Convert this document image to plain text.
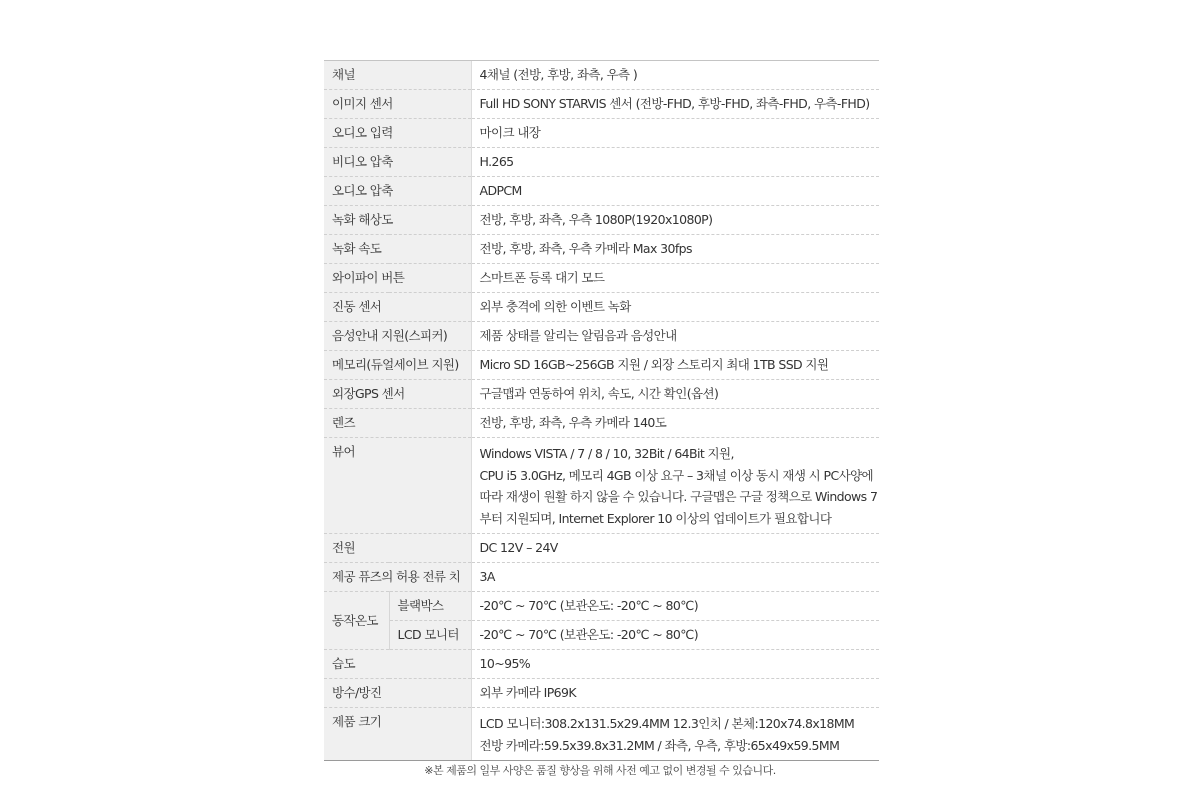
채널		4채널 (전방, 후방, 좌측, 우측 )
이미지 센서		Full HD SONY STARVIS 센서 (전방-FHD, 후방-FHD, 좌측-FHD, 우측-FHD)
오디오 입력		마이크 내장
비디오 압축		H.265
오디오 압축		ADPCM
녹화 해상도		전방, 후방, 좌측, 우측 1080P(1920x1080P)
녹화 속도		전방, 후방, 좌측, 우측 카메라 Max 30fps
와이파이 버튼		스마트폰 등록 대기 모드
진동 센서		외부 충격에 의한 이벤트 녹화
음성안내 지원(스피커)		제품 상태를 알리는 알림음과 음성안내
메모리(듀얼세이브 지원)		Micro SD 16GB~256GB 지원 / 외장 스토리지 최대 1TB SSD 지원
외장GPS 센서		구글맵과 연동하여 위치, 속도, 시간 확인(옵션)
렌즈		전방, 후방, 좌측, 우측 카메라 140도
뷰어		Windows VISTA / 7 / 8 / 10, 32Bit / 64Bit 지원,
CPU i5 3.0GHz, 메모리 4GB 이상 요구 – 3채널 이상 동시 재생 시 PC사양에
따라 재생이 원활 하지 않을 수 있습니다. 구글맵은 구글 정책으로 Windows 7
부터 지원되며, Internet Explorer 10 이상의 업데이트가 필요합니다

전원		DC 12V – 24V
제공 퓨즈의 허용 전류 치		3A
동작온도	블랙박스	-20℃ ~ 70℃ (보관온도: -20℃ ~ 80℃)
	LCD 모니터	-20℃ ~ 70℃ (보관온도: -20℃ ~ 80℃)
습도		10~95%
방수/방진		외부 카메라 IP69K
제품 크기		LCD 모니터:308.2x131.5x29.4MM 12.3인치 / 본체:120x74.8x18MM
전방 카메라:59.5x39.8x31.2MM / 좌측, 우측, 후방:65x49x59.5MM
※본 제품의 일부 사양은 품질 향상을 위해 사전 예고 없이 변경될 수 있습니다.
